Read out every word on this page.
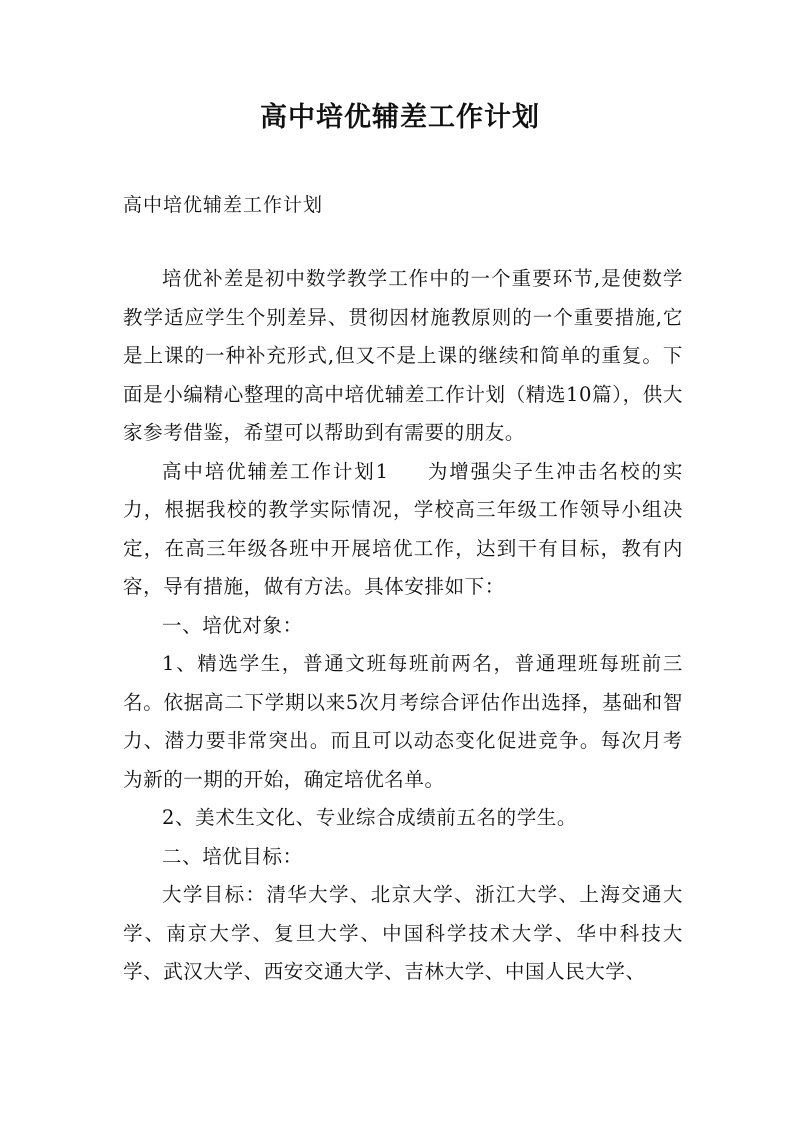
高中培优辅差工作计划

高中培优辅差工作计划

培优补差是初中数学教学工作中的一个重要环节,是使数学教学适应学生个别差异、贯彻因材施教原则的一个重要措施,它是上课的一种补充形式,但又不是上课的继续和简单的重复。下面是小编精心整理的高中培优辅差工作计划（精选10篇），供大家参考借鉴，希望可以帮助到有需要的朋友。

高中培优辅差工作计划1 为增强尖子生冲击名校的实力，根据我校的教学实际情况，学校高三年级工作领导小组决定，在高三年级各班中开展培优工作，达到干有目标，教有内容，导有措施，做有方法。具体安排如下：

一、培优对象：

1、精选学生，普通文班每班前两名，普通理班每班前三名。依据高二下学期以来5次月考综合评估作出选择，基础和智力、潜力要非常突出。而且可以动态变化促进竞争。每次月考为新的一期的开始，确定培优名单。

2、美术生文化、专业综合成绩前五名的学生。

二、培优目标：

大学目标：清华大学、北京大学、浙江大学、上海交通大学、南京大学、复旦大学、中国科学技术大学、华中科技大学、武汉大学、西安交通大学、吉林大学、中国人民大学、
